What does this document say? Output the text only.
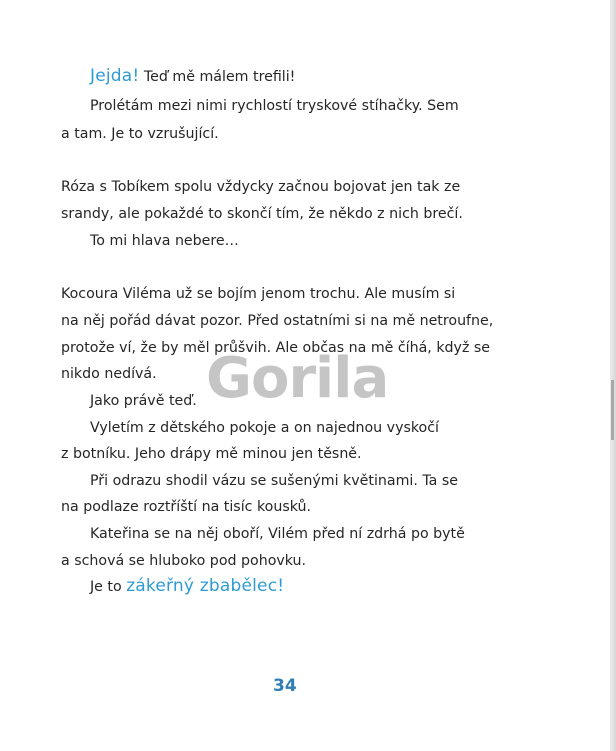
Jejda! Teď mě málem trefili!
Prolétám mezi nimi rychlostí tryskové stíhačky. Sem
a tam. Je to vzrušující.
Róza s Tobíkem spolu vždycky začnou bojovat jen tak ze
srandy, ale pokaždé to skončí tím, že někdo z nich brečí.
To mi hlava nebere…
Kocoura Viléma už se bojím jenom trochu. Ale musím si
na něj pořád dávat pozor. Před ostatními si na mě netroufne,
protože ví, že by měl průšvih. Ale občas na mě číhá, když se
nikdo nedívá.
Jako právě teď.
Vyletím z dětského pokoje a on najednou vyskočí
z botníku. Jeho drápy mě minou jen těsně.
Při odrazu shodil vázu se sušenými květinami. Ta se
na podlaze roztříští na tisíc kousků.
Kateřina se na něj oboří, Vilém před ní zdrhá po bytě
a schová se hluboko pod pohovku.
Je to zákeřný zbabělec!
Gorila
34
